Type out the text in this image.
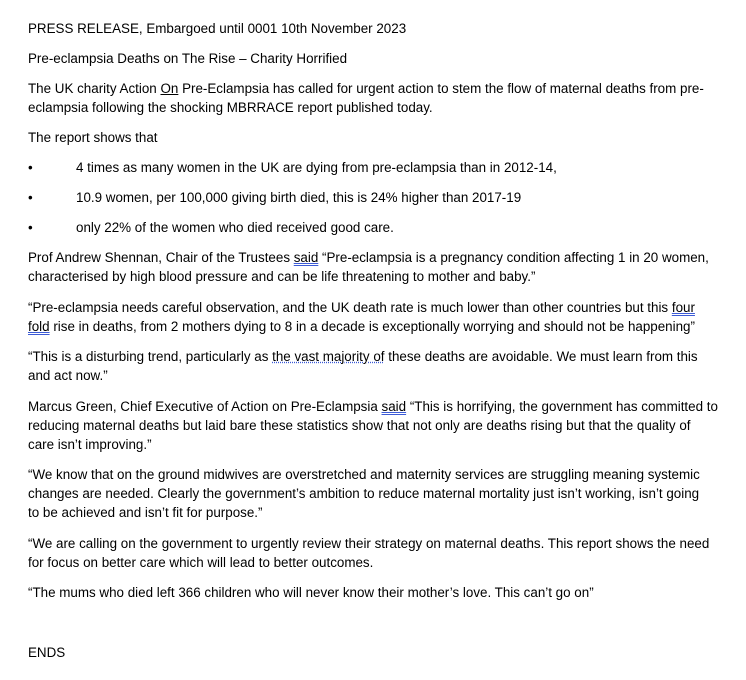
PRESS RELEASE, Embargoed until 0001 10th November 2023
Pre-eclampsia Deaths on The Rise – Charity Horrified
The UK charity Action On Pre-Eclampsia has called for urgent action to stem the flow of maternal deaths from pre-
eclampsia following the shocking MBRRACE report published today.
The report shows that
•	4 times as many women in the UK are dying from pre-eclampsia than in 2012-14,
•	10.9 women, per 100,000 giving birth died, this is 24% higher than 2017-19
•	only 22% of the women who died received good care.
Prof Andrew Shennan, Chair of the Trustees said “Pre-eclampsia is a pregnancy condition affecting 1 in 20 women,
characterised by high blood pressure and can be life threatening to mother and baby.”
“Pre-eclampsia needs careful observation, and the UK death rate is much lower than other countries but this four
fold rise in deaths, from 2 mothers dying to 8 in a decade is exceptionally worrying and should not be happening”
“This is a disturbing trend, particularly as the vast majority of these deaths are avoidable. We must learn from this
and act now.”
Marcus Green, Chief Executive of Action on Pre-Eclampsia said “This is horrifying, the government has committed to
reducing maternal deaths but laid bare these statistics show that not only are deaths rising but that the quality of
care isn’t improving.”
“We know that on the ground midwives are overstretched and maternity services are struggling meaning systemic
changes are needed. Clearly the government’s ambition to reduce maternal mortality just isn’t working, isn’t going
to be achieved and isn’t fit for purpose.”
“We are calling on the government to urgently review their strategy on maternal deaths. This report shows the need
for focus on better care which will lead to better outcomes.
“The mums who died left 366 children who will never know their mother’s love. This can’t go on”
ENDS
